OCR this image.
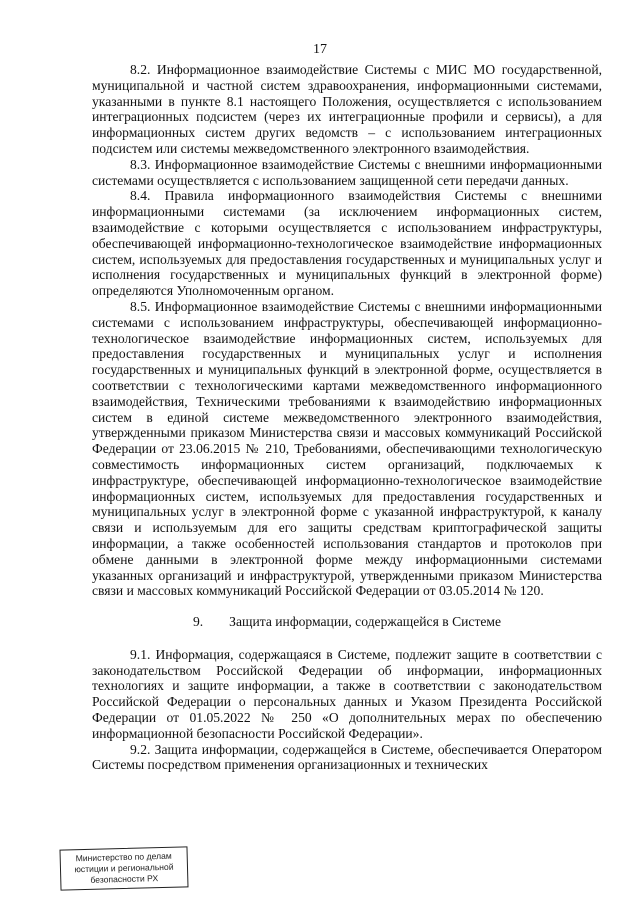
17

8.2. Информационное взаимодействие Системы с МИС МО государственной, муниципальной и частной систем здравоохранения, информационными системами, указанными в пункте 8.1 настоящего Положения, осуществляется с использованием интеграционных подсистем (через их интеграционные профили и сервисы), а для информационных систем других ведомств – с использованием интеграционных подсистем или системы межведомственного электронного взаимодействия.

8.3. Информационное взаимодействие Системы с внешними информационными системами осуществляется с использованием защищенной сети передачи данных.

8.4. Правила информационного взаимодействия Системы с внешними информационными системами (за исключением информационных систем, взаимодействие с которыми осуществляется с использованием инфраструктуры, обеспечивающей информационно-технологическое взаимодействие информационных систем, используемых для предоставления государственных и муниципальных услуг и исполнения государственных и муниципальных функций в электронной форме) определяются Уполномоченным органом.

8.5. Информационное взаимодействие Системы с внешними информационными системами с использованием инфраструктуры, обеспечивающей информационно-технологическое взаимодействие информационных систем, используемых для предоставления государственных и муниципальных услуг и исполнения государственных и муниципальных функций в электронной форме, осуществляется в соответствии с технологическими картами межведомственного информационного взаимодействия, Техническими требованиями к взаимодействию информационных систем в единой системе межведомственного электронного взаимодействия, утвержденными приказом Министерства связи и массовых коммуникаций Российской Федерации от 23.06.2015 № 210, Требованиями, обеспечивающими технологическую совместимость информационных систем организаций, подключаемых к инфраструктуре, обеспечивающей информационно-технологическое взаимодействие информационных систем, используемых для предоставления государственных и муниципальных услуг в электронной форме с указанной инфраструктурой, к каналу связи и используемым для его защиты средствам криптографической защиты информации, а также особенностей использования стандартов и протоколов при обмене данными в электронной форме между информационными системами указанных организаций и инфраструктурой, утвержденными приказом Министерства связи и массовых коммуникаций Российской Федерации от 03.05.2014 № 120.

9. Защита информации, содержащейся в Системе

9.1. Информация, содержащаяся в Системе, подлежит защите в соответствии с законодательством Российской Федерации об информации, информационных технологиях и защите информации, а также в соответствии с законодательством Российской Федерации о персональных данных и Указом Президента Российской Федерации от 01.05.2022 № 250 «О дополнительных мерах по обеспечению информационной безопасности Российской Федерации».

9.2. Защита информации, содержащейся в Системе, обеспечивается Оператором Системы посредством применения организационных и технических

Министерство по делам
юстиции и региональной
безопасности РХ
